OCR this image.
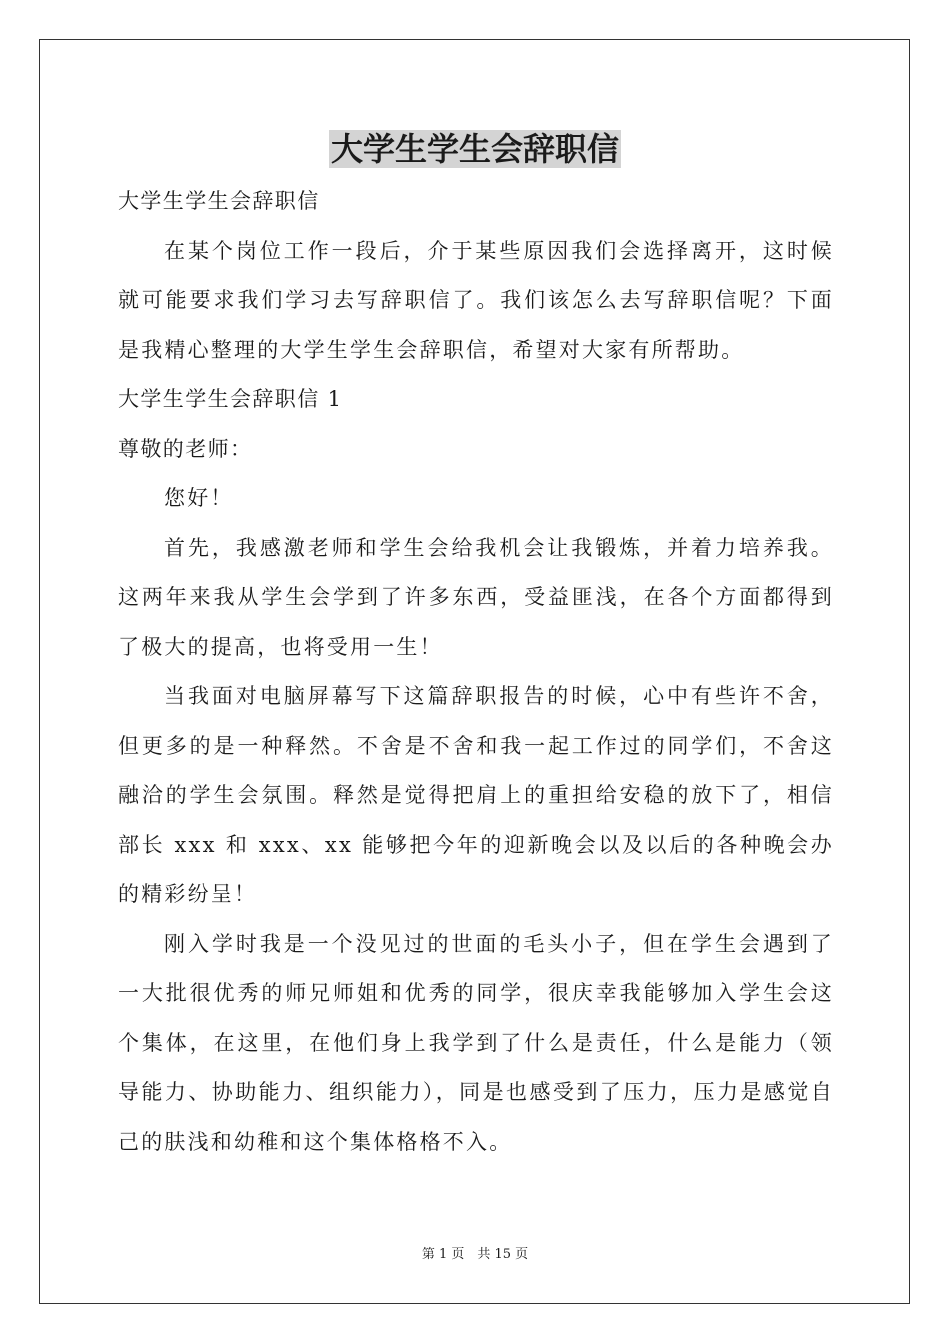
大学生学生会辞职信

大学生学生会辞职信

在某个岗位工作一段后，介于某些原因我们会选择离开，这时候就可能要求我们学习去写辞职信了。我们该怎么去写辞职信呢？下面是我精心整理的大学生学生会辞职信，希望对大家有所帮助。

大学生学生会辞职信 1

尊敬的老师：

您好！

首先，我感激老师和学生会给我机会让我锻炼，并着力培养我。这两年来我从学生会学到了许多东西，受益匪浅，在各个方面都得到了极大的提高，也将受用一生！

当我面对电脑屏幕写下这篇辞职报告的时候，心中有些许不舍，但更多的是一种释然。不舍是不舍和我一起工作过的同学们，不舍这融洽的学生会氛围。释然是觉得把肩上的重担给安稳的放下了，相信部长 xxx 和 xxx、xx 能够把今年的迎新晚会以及以后的各种晚会办的精彩纷呈！

刚入学时我是一个没见过的世面的毛头小子，但在学生会遇到了一大批很优秀的师兄师姐和优秀的同学，很庆幸我能够加入学生会这个集体，在这里，在他们身上我学到了什么是责任，什么是能力（领导能力、协助能力、组织能力），同是也感受到了压力，压力是感觉自己的肤浅和幼稚和这个集体格格不入。

第 1 页　共 15 页
